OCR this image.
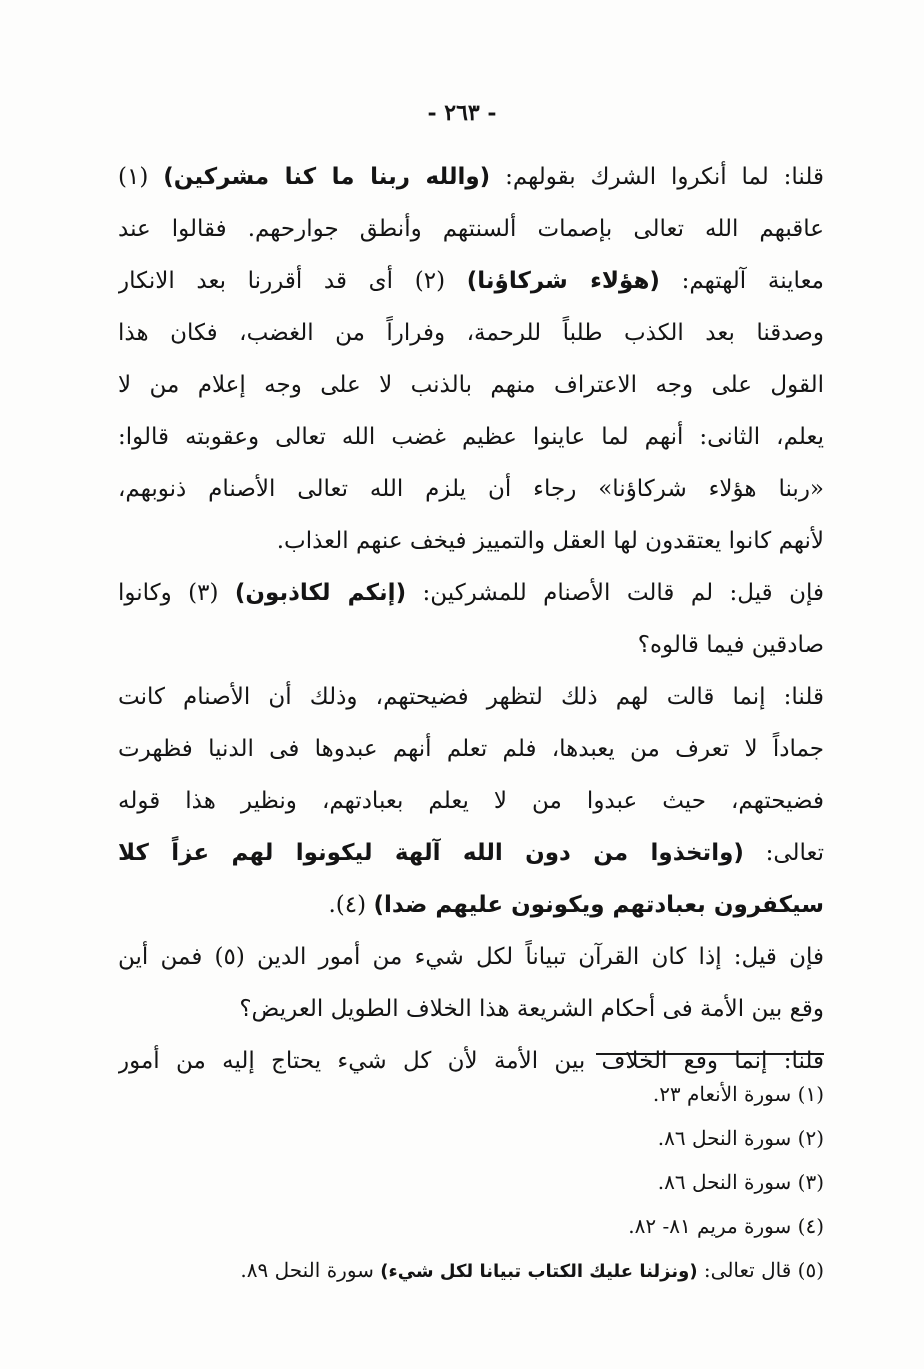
- ٢٦٣ -
قلنا: لما أنكروا الشرك بقولهم: (والله ربنا ما كنا مشركين) (١)
عاقبهم الله تعالى بإصمات ألسنتهم وأنطق جوارحهم. فقالوا عند
معاينة آلهتهم: (هؤلاء شركاؤنا) (٢) أى قد أقررنا بعد الانكار
وصدقنا بعد الكذب طلباً للرحمة، وفراراً من الغضب، فكان هذا
القول على وجه الاعتراف منهم بالذنب لا على وجه إعلام من لا
يعلم، الثانى: أنهم لما عاينوا عظيم غضب الله تعالى وعقوبته قالوا:
«ربنا هؤلاء شركاؤنا» رجاء أن يلزم الله تعالى الأصنام ذنوبهم،
لأنهم كانوا يعتقدون لها العقل والتمييز فيخف عنهم العذاب.
فإن قيل: لم قالت الأصنام للمشركين: (إنكم لكاذبون) (٣) وكانوا
صادقين فيما قالوه؟
قلنا: إنما قالت لهم ذلك لتظهر فضيحتهم، وذلك أن الأصنام كانت
جماداً لا تعرف من يعبدها، فلم تعلم أنهم عبدوها فى الدنيا فظهرت
فضيحتهم، حيث عبدوا من لا يعلم بعبادتهم، ونظير هذا قوله
تعالى: (واتخذوا من دون الله آلهة ليكونوا لهم عزاً كلا
سيكفرون بعبادتهم ويكونون عليهم ضدا) (٤).
فإن قيل: إذا كان القرآن تبياناً لكل شيء من أمور الدين (٥) فمن أين
وقع بين الأمة فى أحكام الشريعة هذا الخلاف الطويل العريض؟
قلنا: إنما وقع الخلاف بين الأمة لأن كل شيء يحتاج إليه من أمور
(١) سورة الأنعام ٢٣.
(٢) سورة النحل ٨٦.
(٣) سورة النحل ٨٦.
(٤) سورة مريم ٨١- ٨٢.
(٥) قال تعالى: (ونزلنا عليك الكتاب تبيانا لكل شيء) سورة النحل ٨٩.
